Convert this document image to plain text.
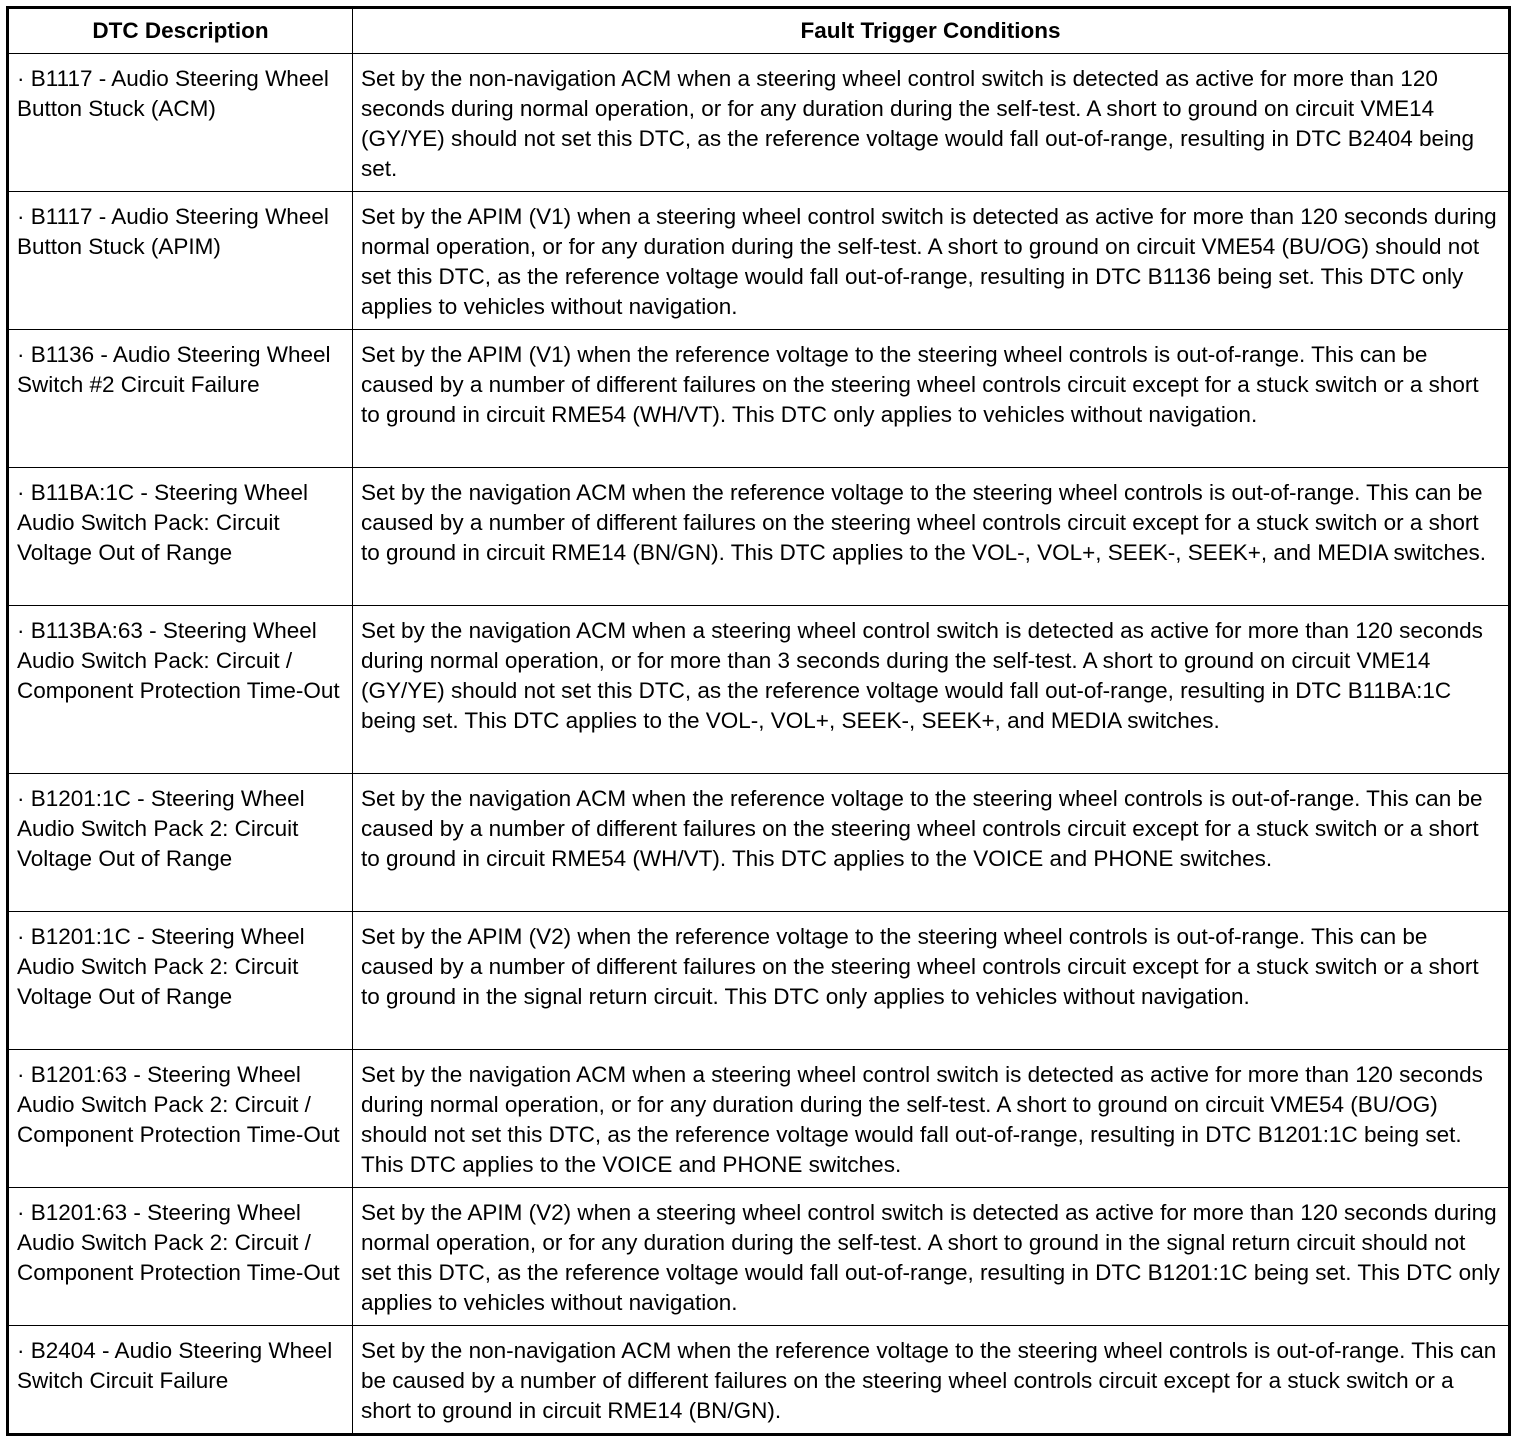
DTC Description	Fault Trigger Conditions
· B1117 - Audio Steering Wheel Button Stuck (ACM)	Set by the non-navigation ACM when a steering wheel control switch is detected as active for more than 120 seconds during normal operation, or for any duration during the self-test. A short to ground on circuit VME14 (GY/YE) should not set this DTC, as the reference voltage would fall out-of-range, resulting in DTC B2404 being set.
· B1117 - Audio Steering Wheel Button Stuck (APIM)	Set by the APIM (V1) when a steering wheel control switch is detected as active for more than 120 seconds during normal operation, or for any duration during the self-test. A short to ground on circuit VME54 (BU/OG) should not set this DTC, as the reference voltage would fall out-of-range, resulting in DTC B1136 being set. This DTC only applies to vehicles without navigation.
· B1136 - Audio Steering Wheel Switch #2 Circuit Failure	Set by the APIM (V1) when the reference voltage to the steering wheel controls is out-of-range. This can be caused by a number of different failures on the steering wheel controls circuit except for a stuck switch or a short to ground in circuit RME54 (WH/VT). This DTC only applies to vehicles without navigation.
· B11BA:1C - Steering Wheel Audio Switch Pack: Circuit Voltage Out of Range	Set by the navigation ACM when the reference voltage to the steering wheel controls is out-of-range. This can be caused by a number of different failures on the steering wheel controls circuit except for a stuck switch or a short to ground in circuit RME14 (BN/GN). This DTC applies to the VOL-, VOL+, SEEK-, SEEK+, and MEDIA switches.
· B113BA:63 - Steering Wheel Audio Switch Pack: Circuit / Component Protection Time-Out	Set by the navigation ACM when a steering wheel control switch is detected as active for more than 120 seconds during normal operation, or for more than 3 seconds during the self-test. A short to ground on circuit VME14 (GY/YE) should not set this DTC, as the reference voltage would fall out-of-range, resulting in DTC B11BA:1C being set. This DTC applies to the VOL-, VOL+, SEEK-, SEEK+, and MEDIA switches.
· B1201:1C - Steering Wheel Audio Switch Pack 2: Circuit Voltage Out of Range	Set by the navigation ACM when the reference voltage to the steering wheel controls is out-of-range. This can be caused by a number of different failures on the steering wheel controls circuit except for a stuck switch or a short to ground in circuit RME54 (WH/VT). This DTC applies to the VOICE and PHONE switches.
· B1201:1C - Steering Wheel Audio Switch Pack 2: Circuit Voltage Out of Range	Set by the APIM (V2) when the reference voltage to the steering wheel controls is out-of-range. This can be caused by a number of different failures on the steering wheel controls circuit except for a stuck switch or a short to ground in the signal return circuit. This DTC only applies to vehicles without navigation.
· B1201:63 - Steering Wheel Audio Switch Pack 2: Circuit / Component Protection Time-Out	Set by the navigation ACM when a steering wheel control switch is detected as active for more than 120 seconds during normal operation, or for any duration during the self-test. A short to ground on circuit VME54 (BU/OG) should not set this DTC, as the reference voltage would fall out-of-range, resulting in DTC B1201:1C being set. This DTC applies to the VOICE and PHONE switches.
· B1201:63 - Steering Wheel Audio Switch Pack 2: Circuit / Component Protection Time-Out	Set by the APIM (V2) when a steering wheel control switch is detected as active for more than 120 seconds during normal operation, or for any duration during the self-test. A short to ground in the signal return circuit should not set this DTC, as the reference voltage would fall out-of-range, resulting in DTC B1201:1C being set. This DTC only applies to vehicles without navigation.
· B2404 - Audio Steering Wheel Switch Circuit Failure	Set by the non-navigation ACM when the reference voltage to the steering wheel controls is out-of-range. This can be caused by a number of different failures on the steering wheel controls circuit except for a stuck switch or a short to ground in circuit RME14 (BN/GN).
